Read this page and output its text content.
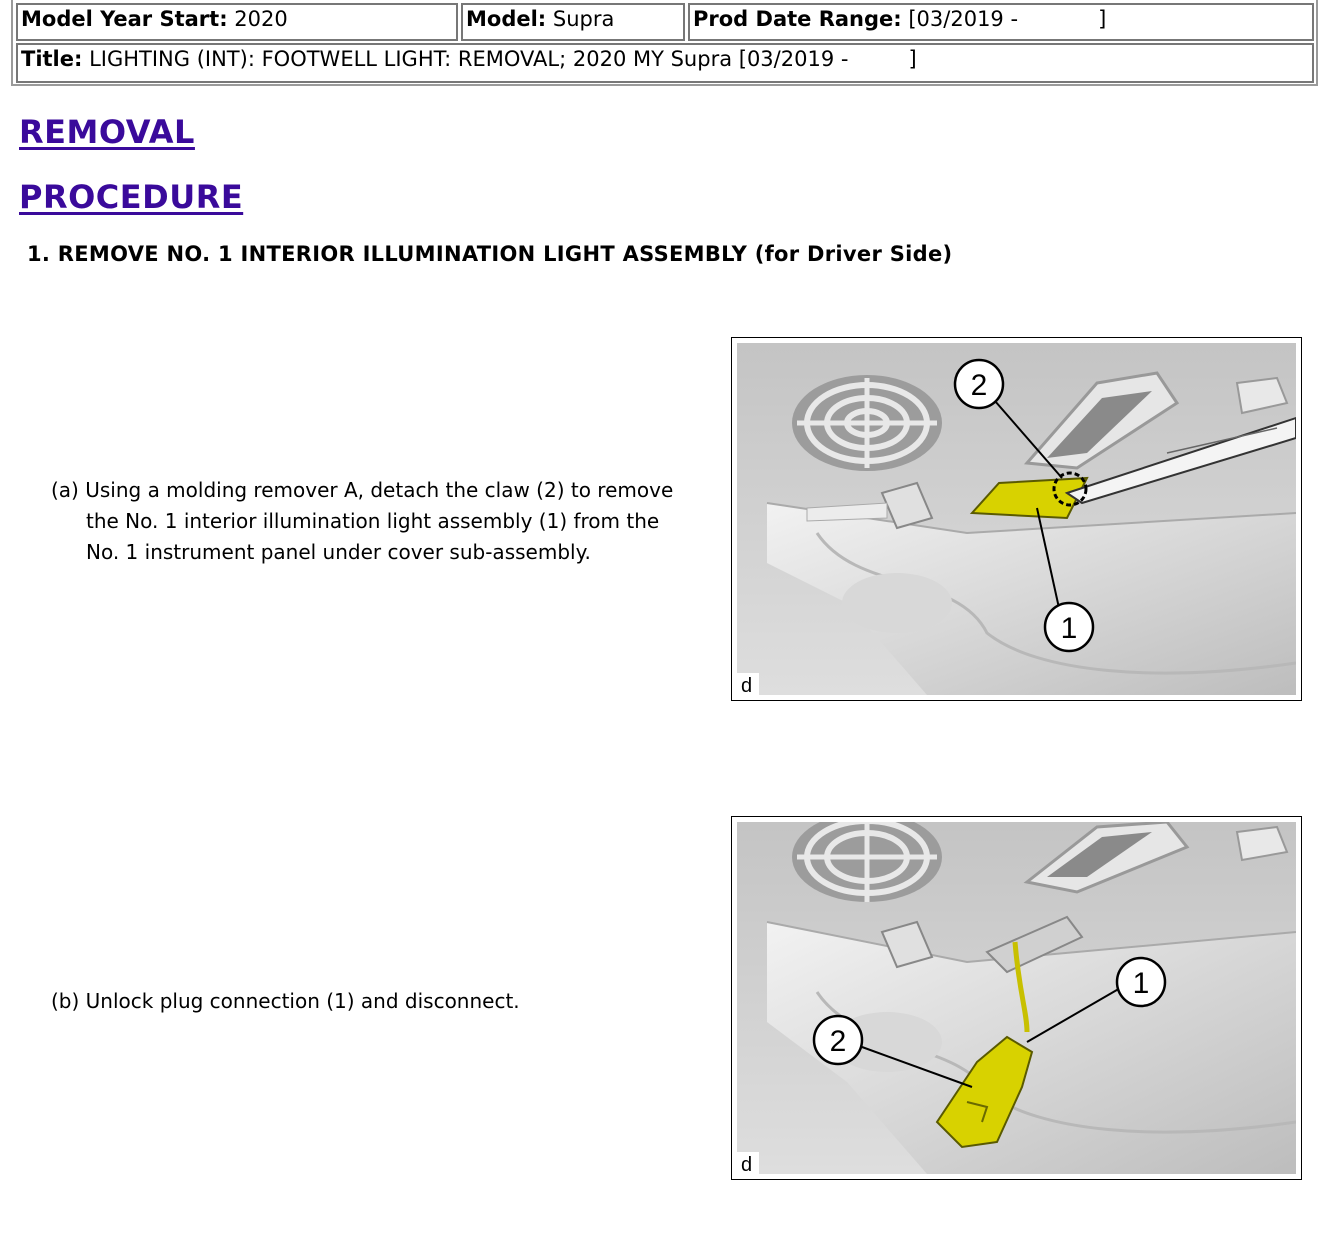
Model Year Start: 2020	Model: Supra	Prod Date Range: [03/2019 -            ]
Title: LIGHTING (INT): FOOTWELL LIGHT: REMOVAL; 2020 MY Supra [03/2019 -         ]
REMOVAL
PROCEDURE
1. REMOVE NO. 1 INTERIOR ILLUMINATION LIGHT ASSEMBLY (for Driver Side)
(a) Using a molding remover A, detach the claw (2) to remove
the No. 1 interior illumination light assembly (1) from the
No. 1 instrument panel under cover sub-assembly.
2
1
d
(b) Unlock plug connection (1) and disconnect.
1
2
d
